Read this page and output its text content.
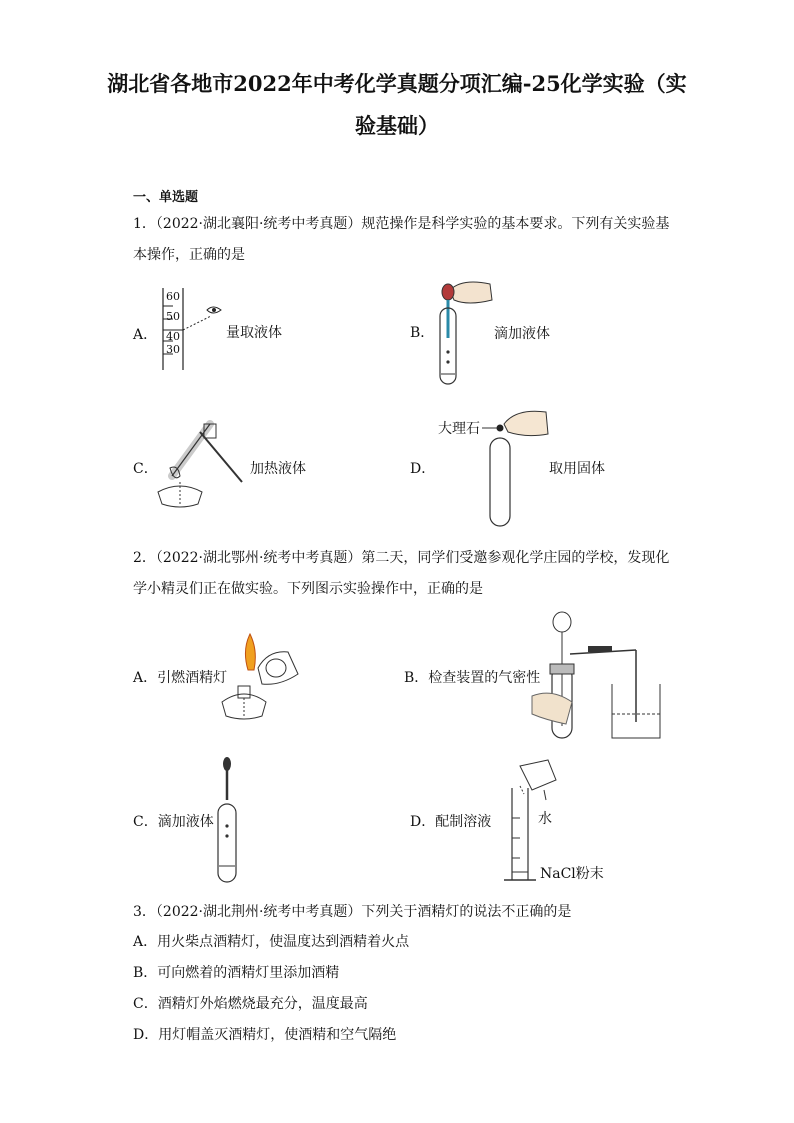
湖北省各地市2022年中考化学真题分项汇编-25化学实验（实
验基础）
一、单选题
1．（2022·湖北襄阳·统考中考真题）规范操作是科学实验的基本要求。下列有关实验基
本操作，正确的是
A．
60
50
40
30
量取液体	B．	滴加液体
C．	加热液体	D．
大理石
取用固体
2．（2022·湖北鄂州·统考中考真题）第二天，同学们受邀参观化学庄园的学校，发现化
学小精灵们正在做实验。下列图示实验操作中，正确的是
A．引燃酒精灯	B．检查装置的气密性
C．滴加液体	D．配制溶液	水
NaCl粉末
3．（2022·湖北荆州·统考中考真题）下列关于酒精灯的说法不正确的是
A．用火柴点酒精灯，使温度达到酒精着火点
B．可向燃着的酒精灯里添加酒精
C．酒精灯外焰燃烧最充分，温度最高
D．用灯帽盖灭酒精灯，使酒精和空气隔绝
